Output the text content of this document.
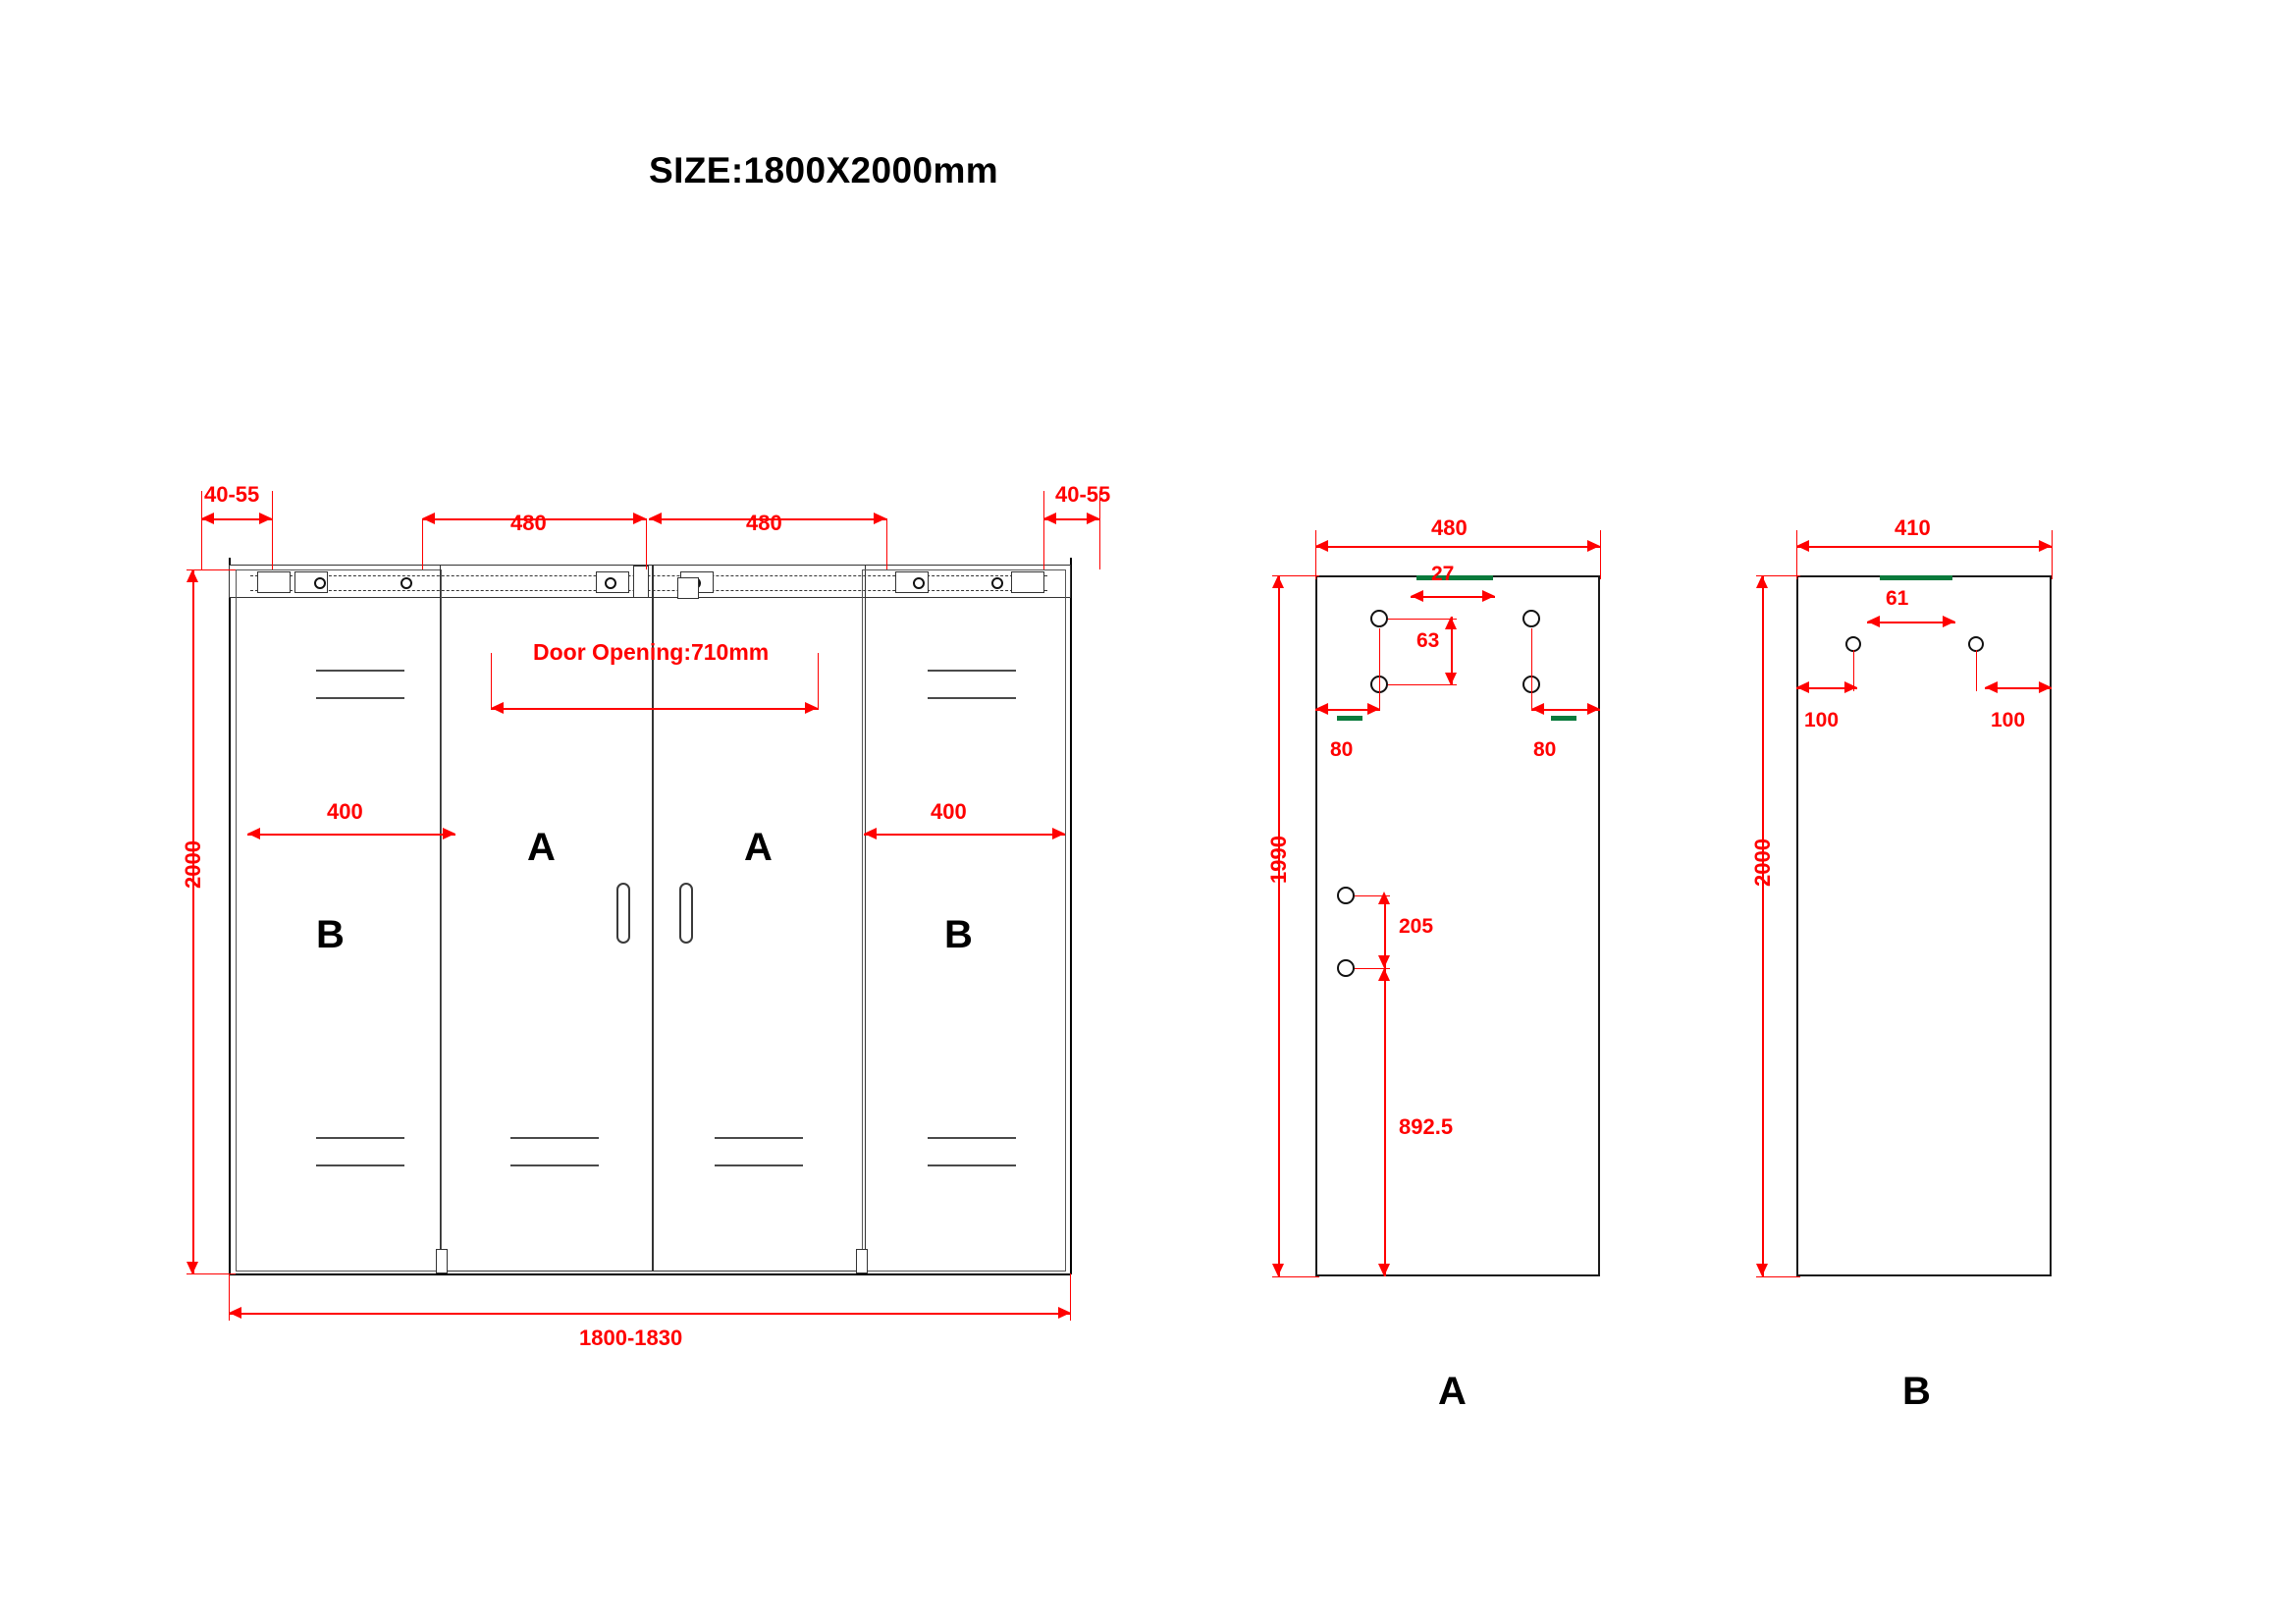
SIZE:1800X2000mm
B
A	A
B
40-55
480	480
40-55
Door Opening:710mm
400	400
2000
1800-1830
480
27
63
80	80
1990
205
892.5
A
410
61
100	100
2000
B
